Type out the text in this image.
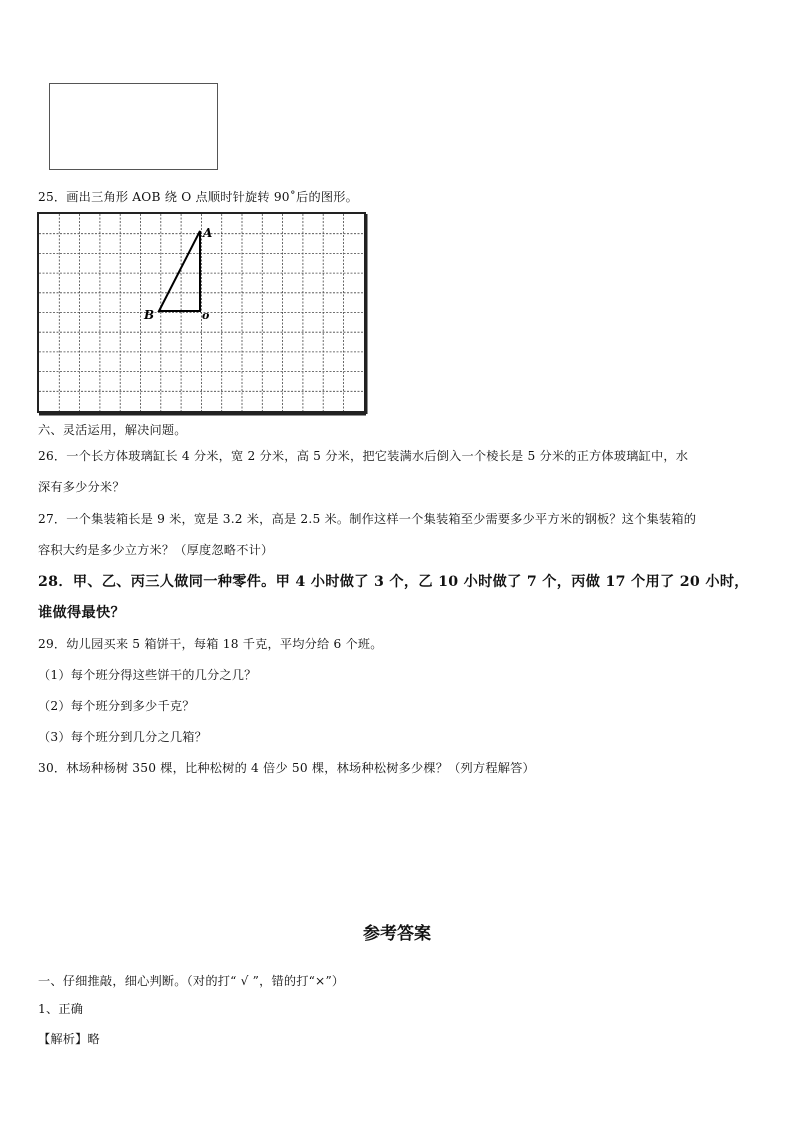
25．画出三角形 AOB 绕 O 点顺时针旋转 90˚后的图形。
A
B	o
六、灵活运用，解决问题。
26．一个长方体玻璃缸长 4 分米，宽 2 分米，高 5 分米，把它装满水后倒入一个棱长是 5 分米的正方体玻璃缸中，水
深有多少分米？
27．一个集装箱长是 9 米，宽是 3.2 米，高是 2.5 米。制作这样一个集装箱至少需要多少平方米的钢板？这个集装箱的
容积大约是多少立方米？（厚度忽略不计）
28．甲、乙、丙三人做同一种零件。甲 4 小时做了 3 个，乙 10 小时做了 7 个，丙做 17 个用了 20 小时，
谁做得最快？
29．幼儿园买来 5 箱饼干，每箱 18 千克，平均分给 6 个班。
（1）每个班分得这些饼干的几分之几？
（2）每个班分到多少千克？
（3）每个班分到几分之几箱？
30．林场种杨树 350 棵，比种松树的 4 倍少 50 棵，林场种松树多少棵？（列方程解答）
参考答案
一、仔细推敲，细心判断。（对的打“ √ ”，错的打“×”）
1、正确
【解析】略
